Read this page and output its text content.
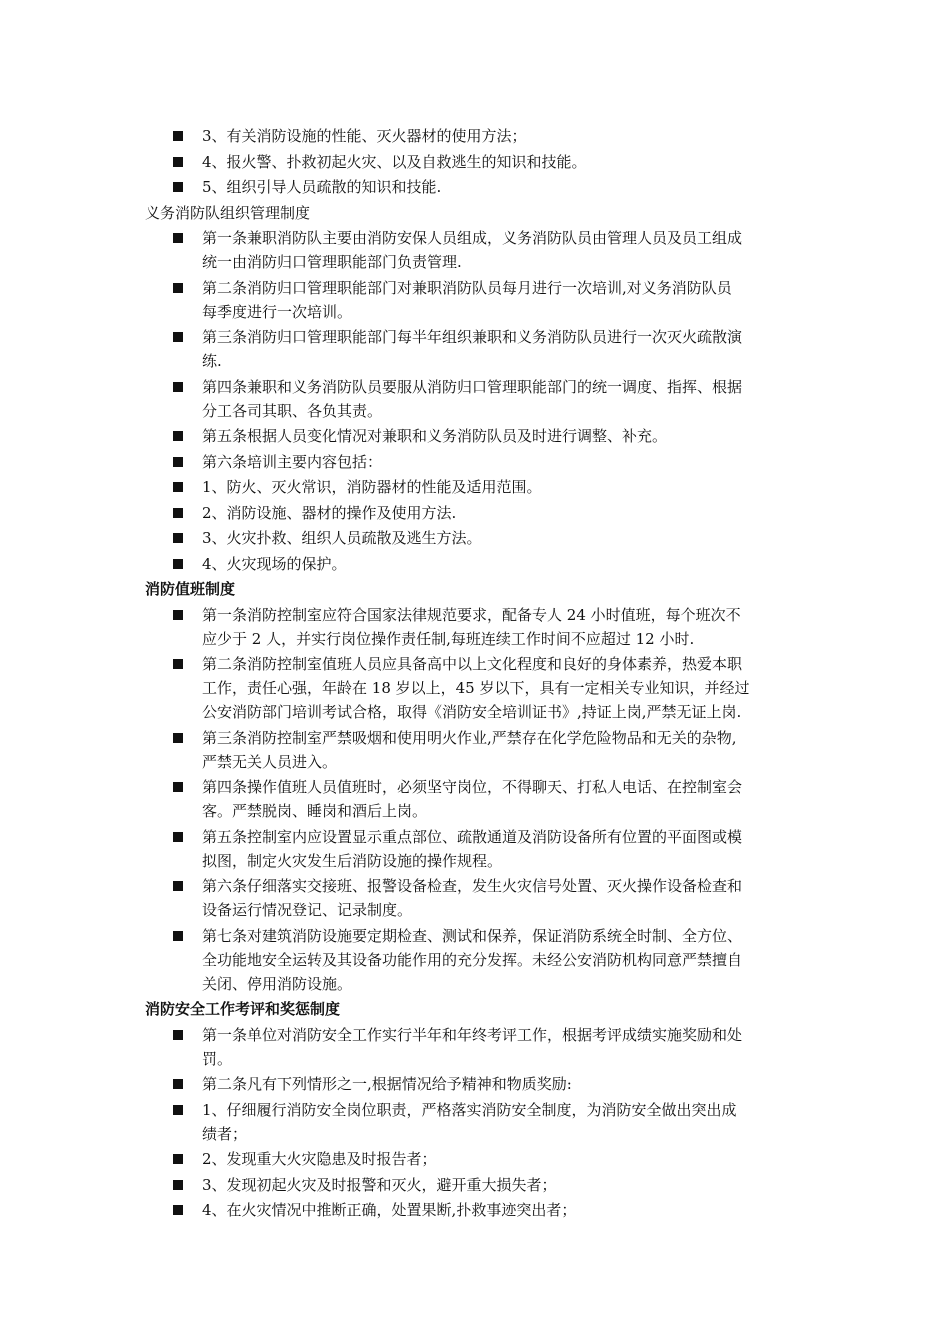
3、有关消防设施的性能、灭火器材的使用方法；
4、报火警、扑救初起火灾、以及自救逃生的知识和技能。
5、组织引导人员疏散的知识和技能.
义务消防队组织管理制度
第一条兼职消防队主要由消防安保人员组成，义务消防队员由管理人员及员工组成
统一由消防归口管理职能部门负责管理.
第二条消防归口管理职能部门对兼职消防队员每月进行一次培训,对义务消防队员
每季度进行一次培训。
第三条消防归口管理职能部门每半年组织兼职和义务消防队员进行一次灭火疏散演
练.
第四条兼职和义务消防队员要服从消防归口管理职能部门的统一调度、指挥、根据
分工各司其职、各负其责。
第五条根据人员变化情况对兼职和义务消防队员及时进行调整、补充。
第六条培训主要内容包括：
1、防火、灭火常识，消防器材的性能及适用范围。
2、消防设施、器材的操作及使用方法.
3、火灾扑救、组织人员疏散及逃生方法。
4、火灾现场的保护。
消防值班制度
第一条消防控制室应符合国家法律规范要求，配备专人 24 小时值班，每个班次不
应少于 2 人，并实行岗位操作责任制,每班连续工作时间不应超过 12 小时.
第二条消防控制室值班人员应具备高中以上文化程度和良好的身体素养，热爱本职
工作，责任心强，年龄在 18 岁以上，45 岁以下，具有一定相关专业知识，并经过
公安消防部门培训考试合格，取得《消防安全培训证书》,持证上岗,严禁无证上岗.
第三条消防控制室严禁吸烟和使用明火作业,严禁存在化学危险物品和无关的杂物,
严禁无关人员进入。
第四条操作值班人员值班时，必须坚守岗位，不得聊天、打私人电话、在控制室会
客。严禁脱岗、睡岗和酒后上岗。
第五条控制室内应设置显示重点部位、疏散通道及消防设备所有位置的平面图或模
拟图，制定火灾发生后消防设施的操作规程。
第六条仔细落实交接班、报警设备检查，发生火灾信号处置、灭火操作设备检查和
设备运行情况登记、记录制度。
第七条对建筑消防设施要定期检查、测试和保养，保证消防系统全时制、全方位、
全功能地安全运转及其设备功能作用的充分发挥。未经公安消防机构同意严禁擅自
关闭、停用消防设施。
消防安全工作考评和奖惩制度
第一条单位对消防安全工作实行半年和年终考评工作，根据考评成绩实施奖励和处
罚。
第二条凡有下列情形之一,根据情况给予精神和物质奖励:
1、仔细履行消防安全岗位职责，严格落实消防安全制度，为消防安全做出突出成
绩者；
2、发现重大火灾隐患及时报告者；
3、发现初起火灾及时报警和灭火，避开重大损失者；
4、在火灾情况中推断正确，处置果断,扑救事迹突出者；
